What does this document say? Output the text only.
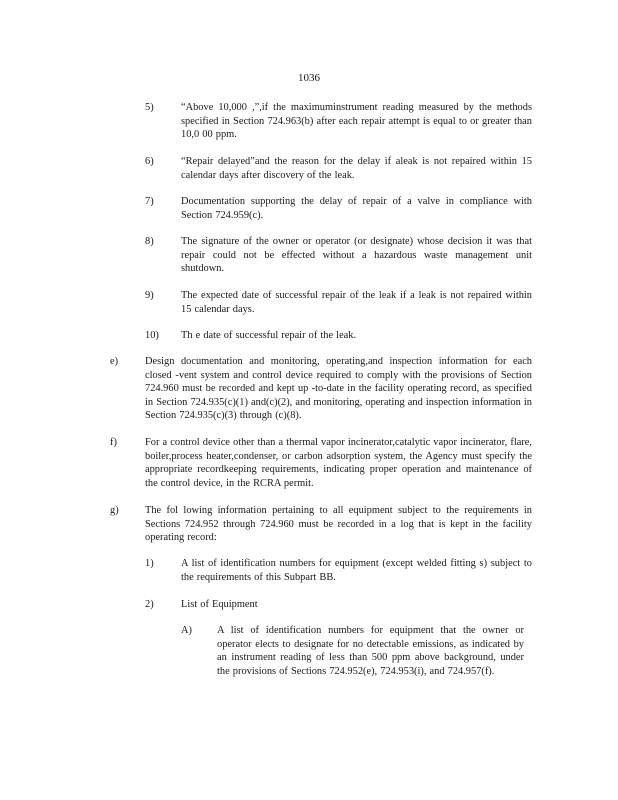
1036
5)	“Above 10,000 ,”,if the maximuminstrument reading measured by the methods specified in Section 724.963(b) after each repair attempt is equal to or greater than 10,0 00 ppm.
6)	“Repair delayed”and the reason for the delay if aleak is not repaired within 15 calendar days after discovery of the leak.
7)	Documentation supporting the delay of repair of a valve in compliance with Section 724.959(c).
8)	The signature of the owner or operator (or designate) whose decision it was that repair could not be effected without a hazardous waste management unit shutdown.
9)	The expected date of successful repair of the leak if a leak is not repaired within 15 calendar days.
10) Th e date of successful repair of the leak.
e)	Design documentation and monitoring, operating,and inspection information for each closed -vent system and control device required to comply with the provisions of Section 724.960 must be recorded and kept up -to-date in the facility operating record, as specified in Section 724.935(c)(1) and(c)(2), and monitoring, operating and inspection information in Section 724.935(c)(3) through (c)(8).
f)	For a control device other than a thermal vapor incinerator,catalytic vapor incinerator, flare, boiler,process heater,condenser, or carbon adsorption system, the Agency must specify the appropriate recordkeeping requirements, indicating proper operation and maintenance of the control device, in the RCRA permit.
g)	The fol lowing information pertaining to all equipment subject to the requirements in Sections 724.952 through 724.960 must be recorded in a log that is kept in the facility operating record:
1)	A list of identification numbers for equipment (except welded fitting s) subject to the requirements of this Subpart BB.
2)	List of Equipment
A) A list of identification numbers for equipment that the owner or operator elects to designate for no detectable emissions, as indicated by an instrument reading of less than 500 ppm above background, under the provisions of Sections 724.952(e), 724.953(i), and 724.957(f).
